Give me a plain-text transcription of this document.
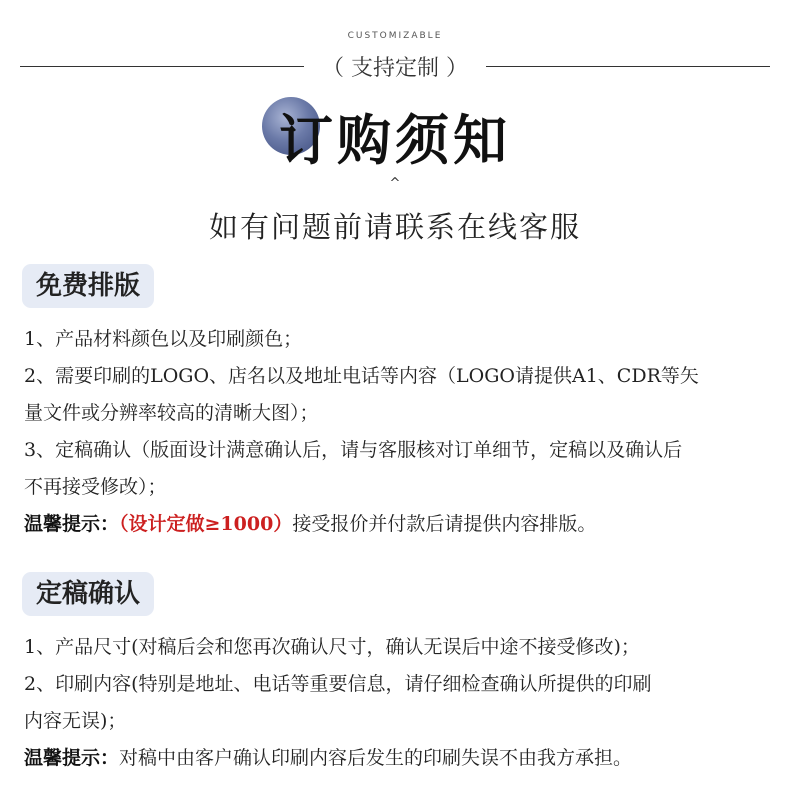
CUSTOMIZABLE
（ 支持定制 ）
订购须知
^
如有问题前请联系在线客服
免费排版

1、产品材料颜色以及印刷颜色；

2、需要印刷的LOGO、店名以及地址电话等内容（LOGO请提供A1、CDR等矢

量文件或分辨率较高的清晰大图）；

3、定稿确认（版面设计满意确认后，请与客服核对订单细节，定稿以及确认后

不再接受修改）；

温馨提示：（设计定做≥1000）接受报价并付款后请提供内容排版。

定稿确认

1、产品尺寸(对稿后会和您再次确认尺寸，确认无误后中途不接受修改)；

2、印刷内容(特别是地址、电话等重要信息，请仔细检查确认所提供的印刷

内容无误)；

温馨提示：对稿中由客户确认印刷内容后发生的印刷失误不由我方承担。
